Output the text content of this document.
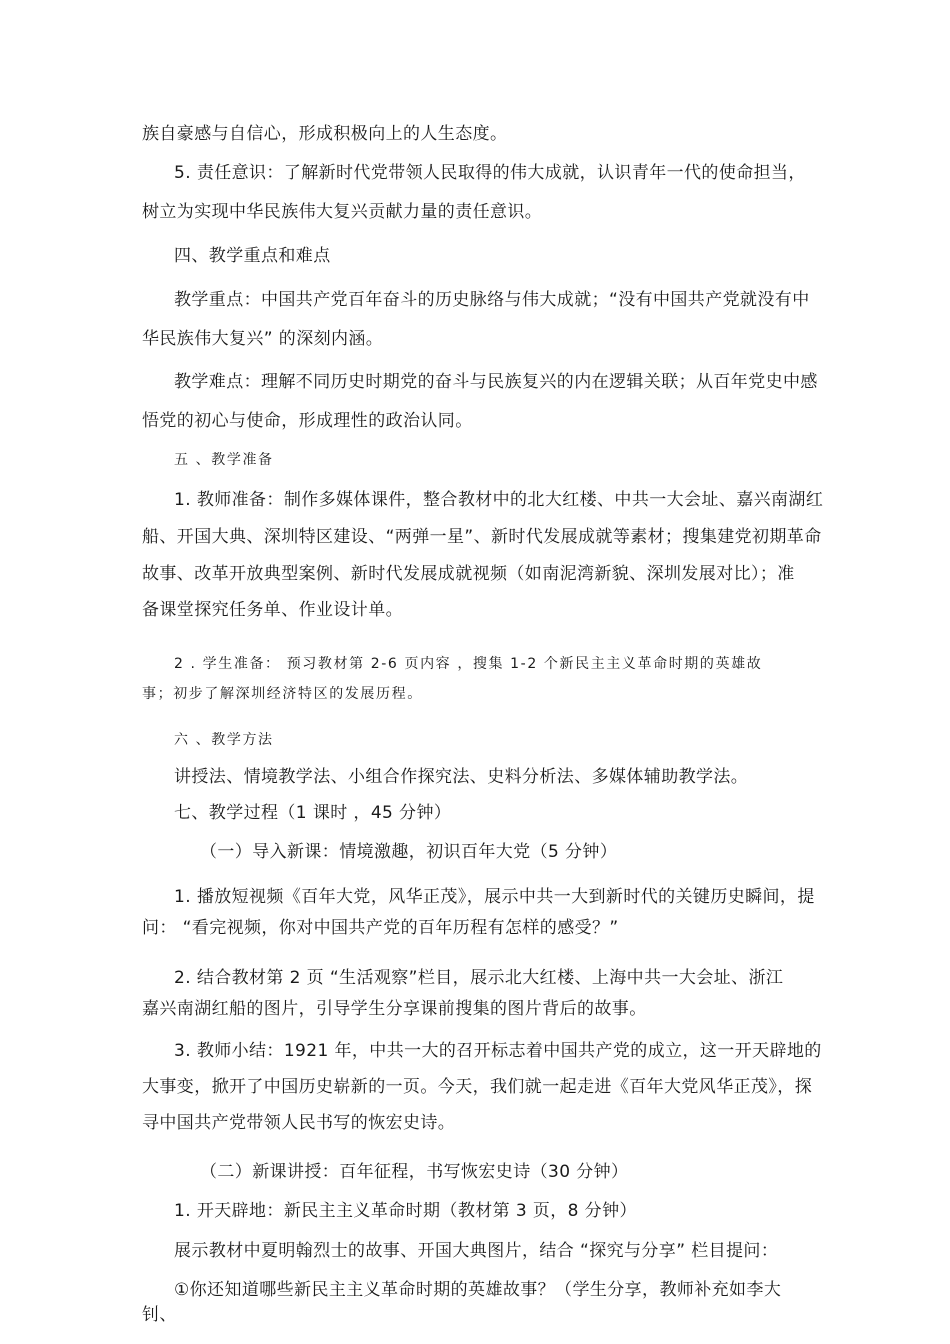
族自豪感与自信心，形成积极向上的人生态度。
5. 责任意识：了解新时代党带领人民取得的伟大成就，认识青年一代的使命担当，
树立为实现中华民族伟大复兴贡献力量的责任意识。
四、教学重点和难点
教学重点：中国共产党百年奋斗的历史脉络与伟大成就；“没有中国共产党就没有中
华民族伟大复兴” 的深刻内涵。
教学难点：理解不同历史时期党的奋斗与民族复兴的内在逻辑关联；从百年党史中感
悟党的初心与使命，形成理性的政治认同。
五 、教学准备
1. 教师准备：制作多媒体课件，整合教材中的北大红楼、中共一大会址、嘉兴南湖红
船、开国大典、深圳特区建设、“两弹一星”、新时代发展成就等素材；搜集建党初期革命
故事、改革开放典型案例、新时代发展成就视频（如南泥湾新貌、深圳发展对比）；准
备课堂探究任务单、作业设计单。
2 . 学生准备： 预习教材第 2-6 页内容 ，搜集 1-2 个新民主主义革命时期的英雄故
事；初步了解深圳经济特区的发展历程。
六 、教学方法
讲授法、情境教学法、小组合作探究法、史料分析法、多媒体辅助教学法。
七、教学过程（1 课时 ，45 分钟）
（一）导入新课：情境激趣，初识百年大党（5 分钟）
1. 播放短视频《百年大党，风华正茂》，展示中共一大到新时代的关键历史瞬间，提
问： “看完视频，你对中国共产党的百年历程有怎样的感受？”
2. 结合教材第 2 页 “生活观察”栏目，展示北大红楼、上海中共一大会址、浙江
嘉兴南湖红船的图片，引导学生分享课前搜集的图片背后的故事。
3. 教师小结：1921 年，中共一大的召开标志着中国共产党的成立，这一开天辟地的
大事变，掀开了中国历史崭新的一页。今天，我们就一起走进《百年大党风华正茂》，探
寻中国共产党带领人民书写的恢宏史诗。
（二）新课讲授：百年征程，书写恢宏史诗（30 分钟）
1. 开天辟地：新民主主义革命时期（教材第 3 页，8 分钟）
展示教材中夏明翰烈士的故事、开国大典图片，结合 “探究与分享” 栏目提问：
①你还知道哪些新民主主义革命时期的英雄故事？（学生分享，教师补充如李大
钊、
